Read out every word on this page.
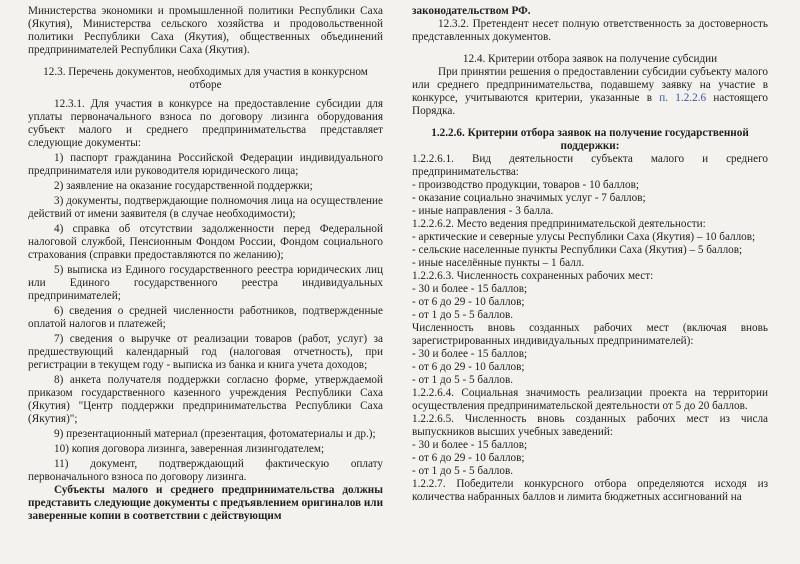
Министерства экономики и промышленной политики Республики Саха (Якутия), Министерства сельского хозяйства и продовольственной политики Республики Саха (Якутия), общественных объединений предпринимателей Республики Саха (Якутия).

12.3. Перечень документов, необходимых для участия в конкурсном отборе

12.3.1. Для участия в конкурсе на предоставление субсидии для уплаты первоначального взноса по договору лизинга оборудования субъект малого и среднего предпринимательства представляет следующие документы:

1) паспорт гражданина Российской Федерации индивидуального предпринимателя или руководителя юридического лица;

2) заявление на оказание государственной поддержки;

3) документы, подтверждающие полномочия лица на осуществление действий от имени заявителя (в случае необходимости);

4) справка об отсутствии задолженности перед Федеральной налоговой службой, Пенсионным Фондом России, Фондом социального страхования (справки предоставляются по желанию);

5) выписка из Единого государственного реестра юридических лиц или Единого государственного реестра индивидуальных предпринимателей;

6) сведения о средней численности работников, подтвержденные оплатой налогов и платежей;

7) сведения о выручке от реализации товаров (работ, услуг) за предшествующий календарный год (налоговая отчетность), при регистрации в текущем году - выписка из банка и книга учета доходов;

8) анкета получателя поддержки согласно форме, утверждаемой приказом государственного казенного учреждения Республики Саха (Якутия) "Центр поддержки предпринимательства Республики Саха (Якутия)";

9) презентационный материал (презентация, фотоматериалы и др.);

10) копия договора лизинга, заверенная лизингодателем;

11) документ, подтверждающий фактическую оплату первоначального взноса по договору лизинга.

Субъекты малого и среднего предпринимательства должны представить следующие документы с предъявлением оригиналов или заверенные копии в соответствии с действующим

законодательством РФ.

12.3.2. Претендент несет полную ответственность за достоверность представленных документов.

12.4. Критерии отбора заявок на получение субсидии

При принятии решения о предоставлении субсидии субъекту малого или среднего предпринимательства, подавшему заявку на участие в конкурсе, учитываются критерии, указанные в п. 1.2.2.6 настоящего Порядка.

1.2.2.6. Критерии отбора заявок на получение государственной поддержки:

1.2.2.6.1. Вид деятельности субъекта малого и среднего предпринимательства:

- производство продукции, товаров - 10 баллов;

- оказание социально значимых услуг - 7 баллов;

- иные направления - 3 балла.

1.2.2.6.2. Место ведения предпринимательской деятельности:

- арктические и северные улусы Республики Саха (Якутия) – 10 баллов;

- сельские населенные пункты Республики Саха (Якутия) – 5 баллов;

- иные населённые пункты – 1 балл.

1.2.2.6.3. Численность сохраненных рабочих мест:

- 30 и более - 15 баллов;

- от 6 до 29 - 10 баллов;

- от 1 до 5 - 5 баллов.

Численность вновь созданных рабочих мест (включая вновь зарегистрированных индивидуальных предпринимателей):

- 30 и более - 15 баллов;

- от 6 до 29 - 10 баллов;

- от 1 до 5 - 5 баллов.

1.2.2.6.4. Социальная значимость реализации проекта на территории осуществления предпринимательской деятельности от 5 до 20 баллов.

1.2.2.6.5. Численность вновь созданных рабочих мест из числа выпускников высших учебных заведений:

- 30 и более - 15 баллов;

- от 6 до 29 - 10 баллов;

- от 1 до 5 - 5 баллов.

1.2.2.7. Победители конкурсного отбора определяются исходя из количества набранных баллов и лимита бюджетных ассигнований на
